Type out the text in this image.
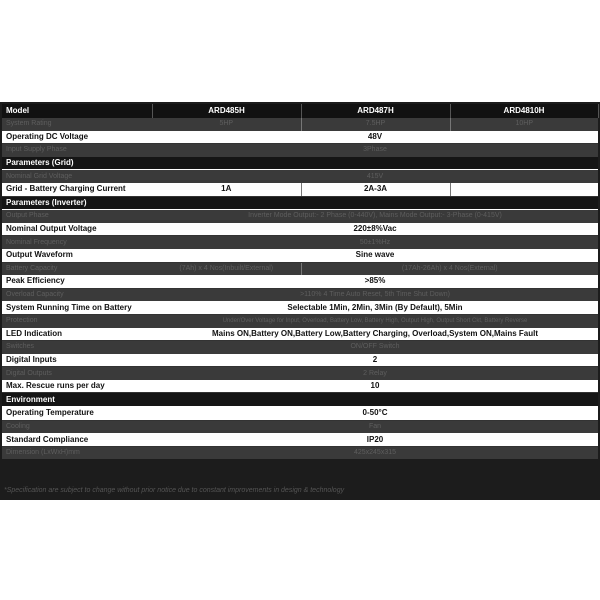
Model	ARD485H	ARD487H	ARD4810H
System Rating	5HP	7.5HP	10HP
Operating DC Voltage	48V		
Input Supply Phase	3Phase		
Parameters (Grid)			
Nominal Grid Voltage	415V		
Grid - Battery Charging Current	1A	2A-3A	
Parameters (Inverter)			
Output Phase	Inverter Mode Output:- 2 Phase (0-440V), Mains Mode Output:- 3-Phase (0-415V)		
Nominal Output Voltage	220±8%Vac		
Nominal Frequency	50±1%Hz		
Output Waveform	Sine wave		
Battery Capacity	(7Ah) x 4 Nos(Inbuilt/External)	(17Ah-26Ah) x 4 Nos(External)	
Peak Efficiency	>85%		
Overload Capacity	>110% 4 Time Auto Reset, 5th Time Shut Down)		
System Running Time on Battery	Selectable 1Min, 2Min, 3Min (By Default), 5Min		
Protection	Under/Over Voltage for Input, Overload, Battery Low, Battery High, Output High, Output Short Ckt, Battery Reverse		
LED Indication	Mains ON,Battery ON,Battery Low,Battery Charging, Overload,System ON,Mains Fault		
Switches	ON/OFF Switch		
Digital Inputs	2		
Digital Outputs	2 Relay		
Max. Rescue runs per day	10		
Environment			
Operating Temperature	0-50°C		
Cooling	Fan		
Standard Compliance	IP20		
Dimension (LxWxH)mm	425x245x315		
*Specification are subject to change without prior notice due to constant improvements in design & technology
